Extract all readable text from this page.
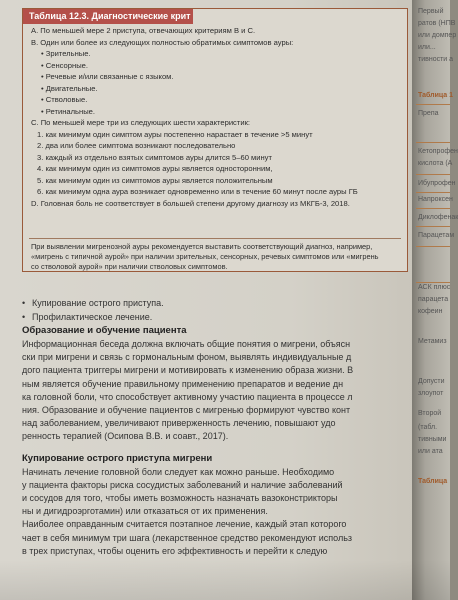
Таблица 12.3. Диагностические крит
А. По меньшей мере 2 приступа, отвечающих критериям B и C.
B. Один или более из следующих полностью обратимых симптомов ауры:
• Зрительные.
• Сенсорные.
• Речевые и/или связанные с языком.
• Двигательные.
• Стволовые.
• Ретинальные.
C. По меньшей мере три из следующих шести характеристик:
1. как минимум один симптом ауры постепенно нарастает в течение >5 минут
2. два или более симптома возникают последовательно
3. каждый из отдельно взятых симптомов ауры длится 5–60 минут
4. как минимум один из симптомов ауры является односторонним,
5. как минимум один из симптомов ауры является положительным
6. как минимум одна аура возникает одновременно или в течение 60 минут после ауры ГБ
D. Головная боль не соответствует в большей степени другому диагнозу из МКГБ-3, 2018.
При выявлении мигренозной ауры рекомендуется выставить соответствующий диагноз, например,
«мигрень с типичной аурой» при наличии зрительных, сенсорных, речевых симптомов или «мигрень
со стволовой аурой» при наличии стволовых симптомов.
• Купирование острого приступа.
• Профилактическое лечение.
Образование и обучение пациента
Информационная беседа должна включать общие понятия о мигрени, объясн
ски при мигрени и связь с гормональным фоном, выявлять индивидуальные д
дого пациента триггеры мигрени и мотивировать к изменению образа жизни. В
ным является обучение правильному применению препаратов и ведение дн
ка головной боли, что способствует активному участию пациента в процессе л
ния. Образование и обучение пациентов с мигренью формируют чувство конт
над заболеванием, увеличивают приверженность лечению, повышают удо
ренность терапией (Осипова В.В. и соавт., 2017).
Купирование острого приступа мигрени
Начинать лечение головной боли следует как можно раньше. Необходимо
у пациента факторы риска сосудистых заболеваний и наличие заболеваний
и сосудов для того, чтобы иметь возможность назначать вазоконстрикторы
ны и дигидроэрготамин) или отказаться от их применения.
Наиболее оправданным считается поэтапное лечение, каждый этап которого
чает в себя минимум три шага (лекарственное средство рекомендуют использ
в трех приступах, чтобы оценить его эффективность и перейти к следую
Первый
ратов (НПВ
или домпер
или...
тивности а
Таблица 1
Препа
Кетопрофен
кислота (А
Ибупрофен
Напроксен
Диклофенак
Парацетам
АСК плюс
парацета
кофеин
Метамиз
Допусти
злоупот
Второй
(табл.
тивными
или ата
Таблица
